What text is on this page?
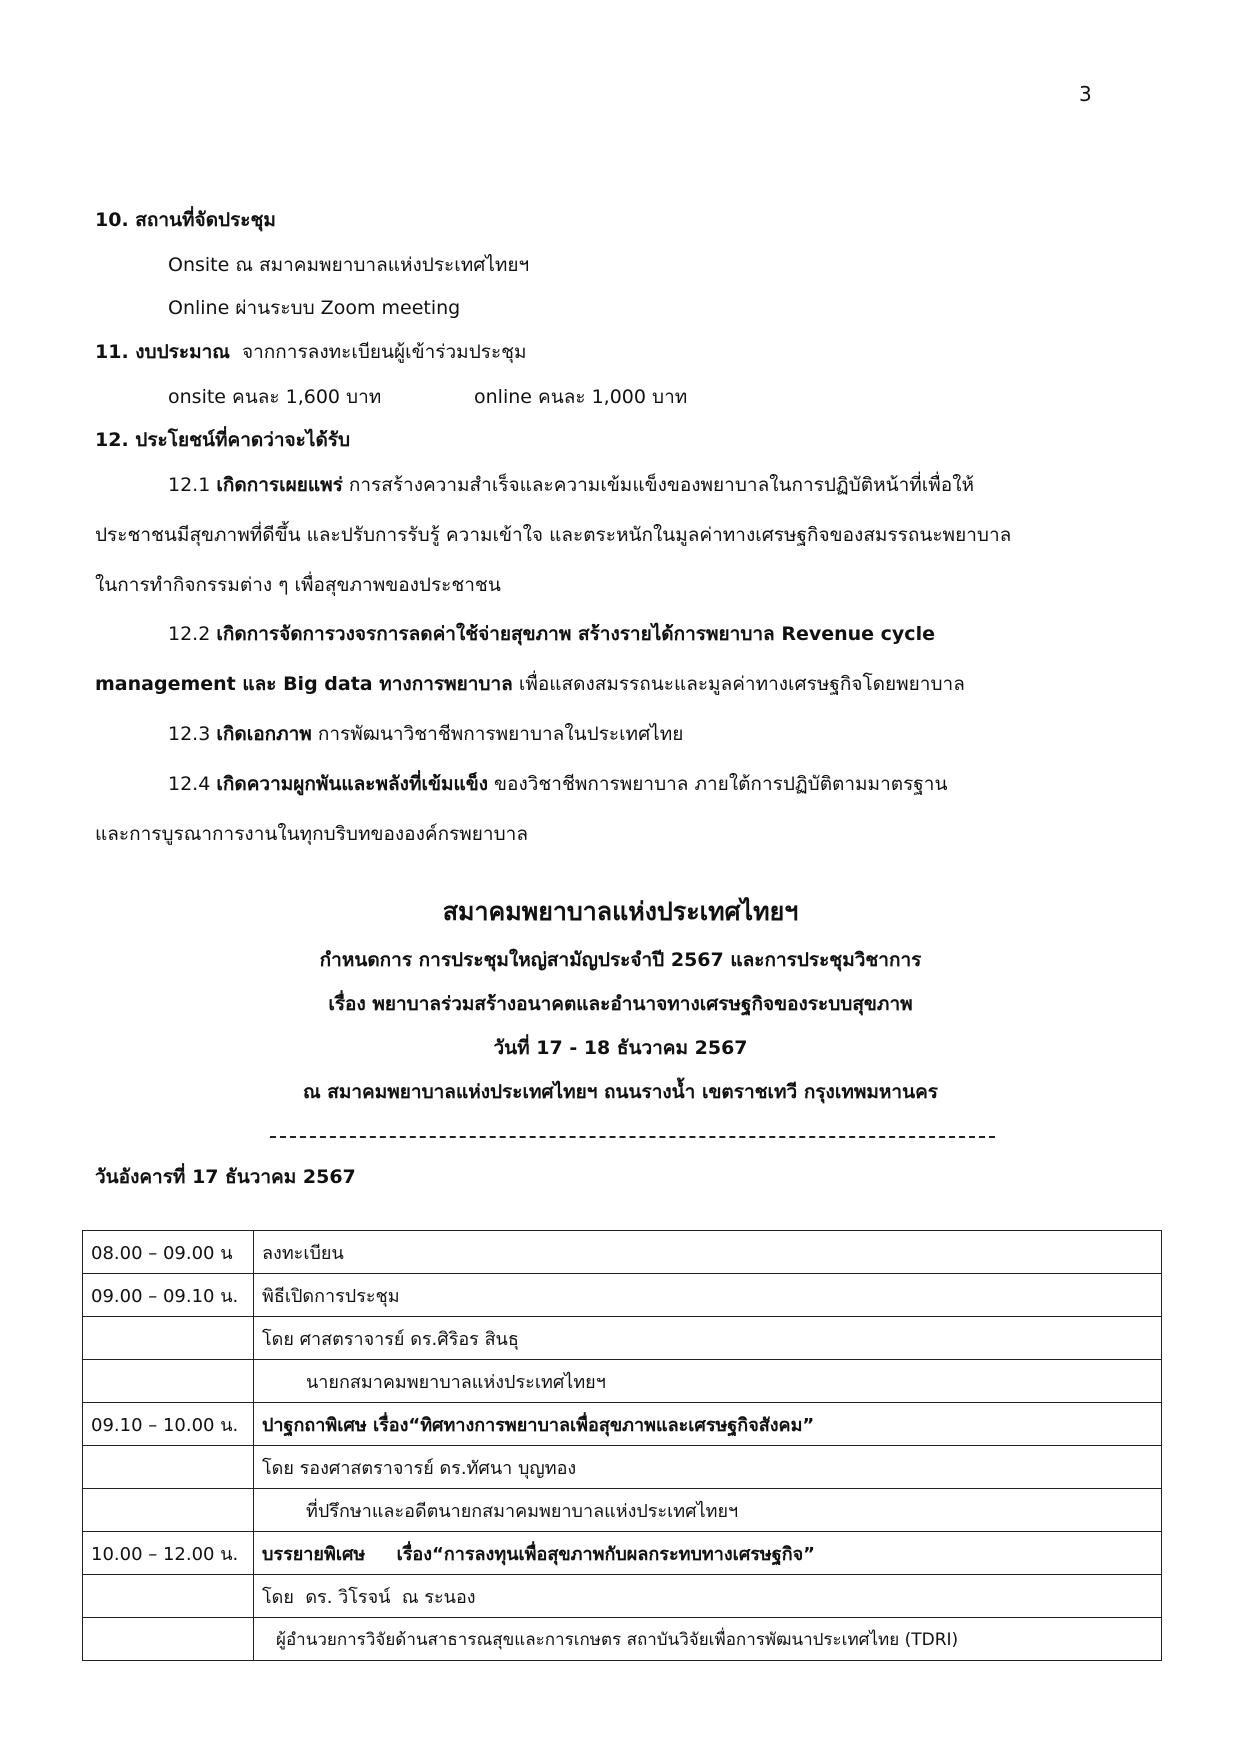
3
10. สถานที่จัดประชุม
Onsite ณ สมาคมพยาบาลแห่งประเทศไทยฯ
Online ผ่านระบบ Zoom meeting
11. งบประมาณ จากการลงทะเบียนผู้เข้าร่วมประชุม
onsite คนละ 1,600 บาท	online คนละ 1,000 บาท
12. ประโยชน์ที่คาดว่าจะได้รับ
12.1 เกิดการเผยแพร่ การสร้างความสำเร็จและความเข้มแข็งของพยาบาลในการปฏิบัติหน้าที่เพื่อให้
ประชาชนมีสุขภาพที่ดีขึ้น และปรับการรับรู้ ความเข้าใจ และตระหนักในมูลค่าทางเศรษฐกิจของสมรรถนะพยาบาล
ในการทำกิจกรรมต่าง ๆ เพื่อสุขภาพของประชาชน
12.2 เกิดการจัดการวงจรการลดค่าใช้จ่ายสุขภาพ สร้างรายได้การพยาบาล Revenue cycle
management และ Big data ทางการพยาบาล เพื่อแสดงสมรรถนะและมูลค่าทางเศรษฐกิจโดยพยาบาล
12.3 เกิดเอกภาพ การพัฒนาวิชาชีพการพยาบาลในประเทศไทย
12.4 เกิดความผูกพันและพลังที่เข้มแข็ง ของวิชาชีพการพยาบาล ภายใต้การปฏิบัติตามมาตรฐาน
และการบูรณาการงานในทุกบริบทขององค์กรพยาบาล
สมาคมพยาบาลแห่งประเทศไทยฯ
กำหนดการ การประชุมใหญ่สามัญประจำปี 2567 และการประชุมวิชาการ
เรื่อง พยาบาลร่วมสร้างอนาคตและอำนาจทางเศรษฐกิจของระบบสุขภาพ
วันที่ 17 - 18 ธันวาคม 2567
ณ สมาคมพยาบาลแห่งประเทศไทยฯ ถนนรางน้ำ เขตราชเทวี กรุงเทพมหานคร
วันอังคารที่ 17 ธันวาคม 2567
08.00 – 09.00 น	ลงทะเบียน
09.00 – 09.10 น.	พิธีเปิดการประชุม
	โดย ศาสตราจารย์ ดร.ศิริอร สินธุ
	นายกสมาคมพยาบาลแห่งประเทศไทยฯ
09.10 – 10.00 น.	ปาฐกถาพิเศษ เรื่อง“ทิศทางการพยาบาลเพื่อสุขภาพและเศรษฐกิจสังคม”
	โดย รองศาสตราจารย์ ดร.ทัศนา บุญทอง
	ที่ปรึกษาและอดีตนายกสมาคมพยาบาลแห่งประเทศไทยฯ
10.00 – 12.00 น.	บรรยายพิเศษ     เรื่อง“การลงทุนเพื่อสุขภาพกับผลกระทบทางเศรษฐกิจ”
	โดย  ดร. วิโรจน์  ณ ระนอง
	ผู้อำนวยการวิจัยด้านสาธารณสุขและการเกษตร สถาบันวิจัยเพื่อการพัฒนาประเทศไทย (TDRI)
